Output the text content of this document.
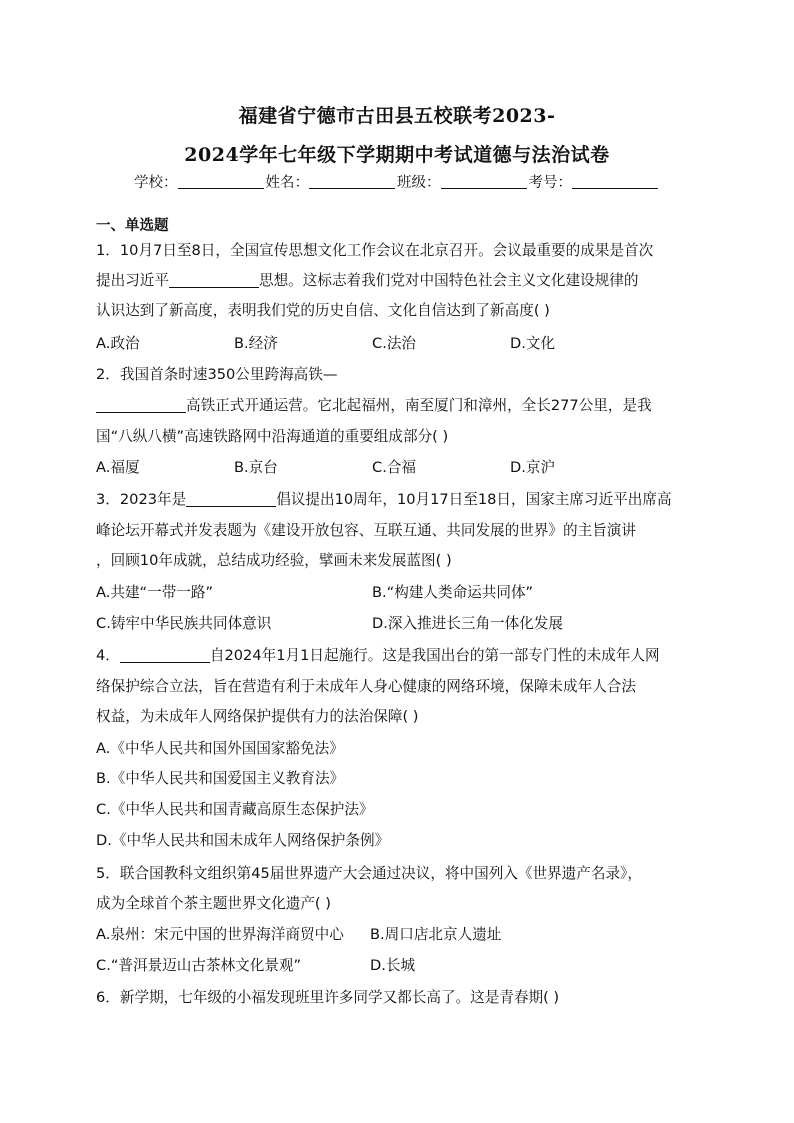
福建省宁德市古田县五校联考2023-
2024学年七年级下学期期中考试道德与法治试卷
学校：	姓名：	班级：	考号：
一、单选题
1．10月7日至8日，全国宣传思想文化工作会议在北京召开。会议最重要的成果是首次
提出习近平	思想。这标志着我们党对中国特色社会主义文化建设规律的
认识达到了新高度，表明我们党的历史自信、文化自信达到了新高度( )
A.政治	B.经济	C.法治	D.文化
2．我国首条时速350公里跨海高铁—
高铁正式开通运营。它北起福州，南至厦门和漳州，全长277公里，是我
国“八纵八横”高速铁路网中沿海通道的重要组成部分( )
A.福厦	B.京台	C.合福	D.京沪
3．2023年是	倡议提出10周年，10月17日至18日，国家主席习近平出席高
峰论坛开幕式并发表题为《建设开放包容、互联互通、共同发展的世界》的主旨演讲
，回顾10年成就，总结成功经验，擘画未来发展蓝图( )
A.共建“一带一路”	B.“构建人类命运共同体”
C.铸牢中华民族共同体意识	D.深入推进长三角一体化发展
4．	自2024年1月1日起施行。这是我国出台的第一部专门性的未成年人网
络保护综合立法，旨在营造有利于未成年人身心健康的网络环境，保障未成年人合法
权益，为未成年人网络保护提供有力的法治保障( )
A.《中华人民共和国外国国家豁免法》
B.《中华人民共和国爱国主义教育法》
C.《中华人民共和国青藏高原生态保护法》
D.《中华人民共和国未成年人网络保护条例》
5．联合国教科文组织第45届世界遗产大会通过决议，将中国列入《世界遗产名录》，
成为全球首个茶主题世界文化遗产( )
A.泉州：宋元中国的世界海洋商贸中心 B.周口店北京人遗址
C.“普洱景迈山古茶林文化景观”	D.长城
6．新学期，七年级的小福发现班里许多同学又都长高了。这是青春期( )
